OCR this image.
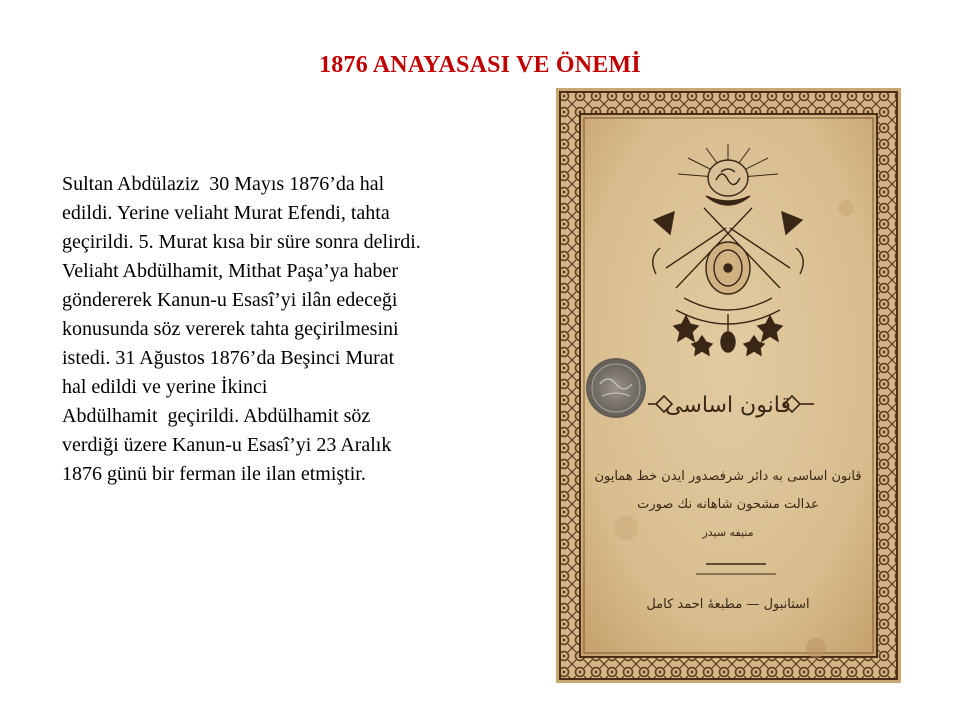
1876 ANAYASASI VE ÖNEMİ
Sultan Abdülaziz  30 Mayıs 1876’da hal
edildi. Yerine veliaht Murat Efendi, tahta
geçirildi. 5. Murat kısa bir süre sonra delirdi.
Veliaht Abdülhamit, Mithat Paşa’ya haber
göndererek Kanun-u Esasî’yi ilân edeceği
konusunda söz vererek tahta geçirilmesini
istedi. 31 Ağustos 1876’da Beşinci Murat
hal edildi ve yerine İkinci
Abdülhamit  geçirildi. Abdülhamit söz
verdiği üzere Kanun-u Esasî’yi 23 Aralık
1876 günü bir ferman ile ilan etmiştir.
قانون اساسى
قانون اساسى به دائر شرفصدور ايدن خط همايون
عدالت مشحون شاهانه نك صورت
منيفه سيدر
استانبول — مطبعهٔ احمد كامل
